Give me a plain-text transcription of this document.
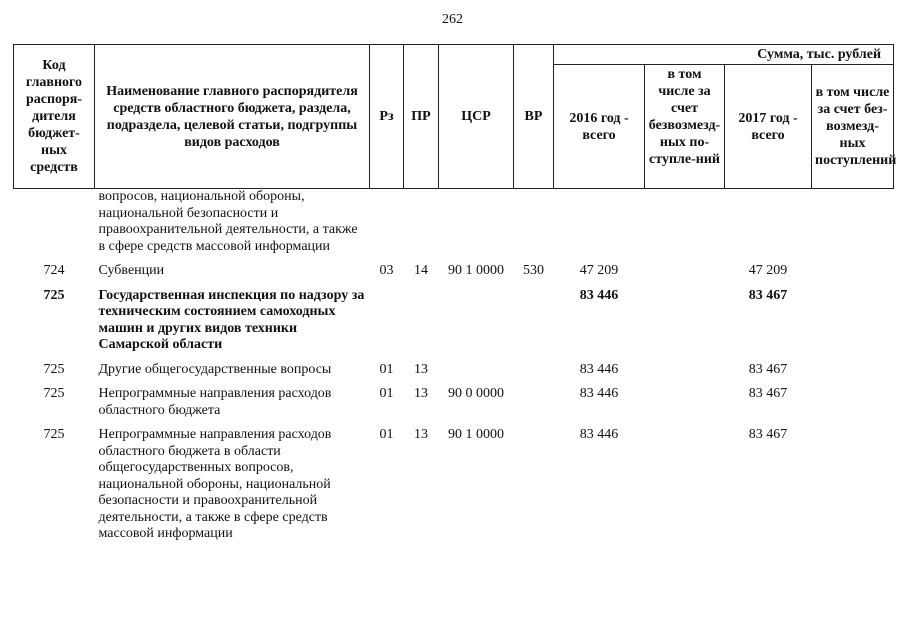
262
Код главного распоря-дителя бюджет-ных средств	Наименование главного распорядителя средств областного бюджета, раздела, подраздела, целевой статьи, подгруппы видов расходов	Рз	ПР	ЦСР	ВР	Сумма, тыс. рублей			
						2016 год - всего	в том числе за счет безвозмезд-ных по-ступле-ний	2017 год - всего	в том числе за счет без-возмезд-ных поступлений
	вопросов, национальной обороны, национальной безопасности и правоохранительной деятельности, а также в сфере средств массовой информации								
724	Субвенции	03	14	90 1 0000	530	47 209		47 209	
725	Государственная инспекция по надзору за техническим состоянием самоходных машин и других видов техники Самарской области					83 446		83 467	
725	Другие общегосударственные вопросы	01	13			83 446		83 467	
725	Непрограммные направления расходов областного бюджета	01	13	90 0 0000		83 446		83 467	
725	Непрограммные направления расходов областного бюджета в области общегосударственных вопросов, национальной обороны, национальной безопасности и правоохранительной деятельности, а также в сфере средств массовой информации	01	13	90 1 0000		83 446		83 467	
